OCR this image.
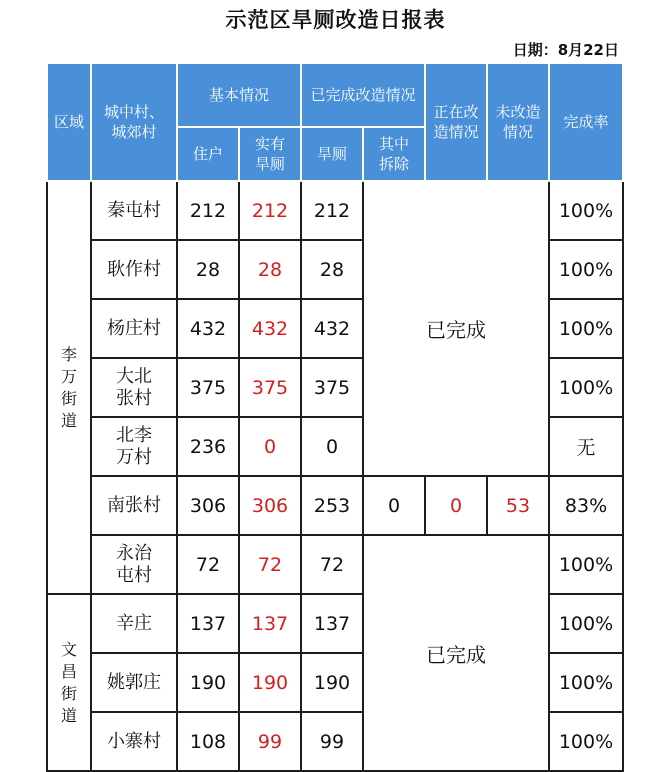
示范区旱厕改造日报表
日期：8月22日
区域	城中村、城郊村	基本情况		已完成改造情况		正在改造情况	未改造情况	完成率
		住户	实有旱厕	旱厕	其中拆除			

李万街道	秦屯村	212	212	212	已完成			100%
	耿作村	28	28	28				100%
	杨庄村	432	432	432				100%

	大北张村	375	375	375				100%

	北李万村	236	0	0				无
	南张村	306	306	253	0	0	53	83%

	永治屯村	72	72	72	已完成			100%

文昌街道	辛庄	137	137	137				100%
	姚郭庄	190	190	190				100%
	小寨村	108	99	99				100%
